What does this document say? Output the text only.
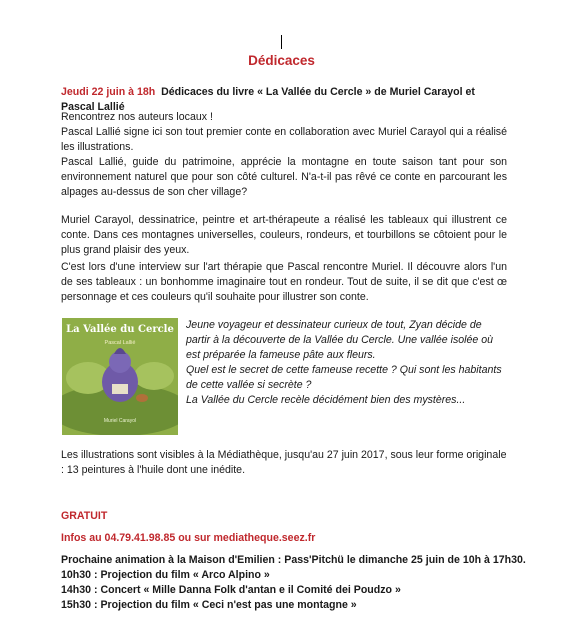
Dédicaces

Jeudi 22 juin à 18h Dédicaces du livre « La Vallée du Cercle » de Muriel Carayol et Pascal Lallié

Rencontrez nos auteurs locaux !

Pascal Lallié signe ici son tout premier conte en collaboration avec Muriel Carayol qui a réalisé les illustrations.

Pascal Lallié, guide du patrimoine, apprécie la montagne en toute saison tant pour son environnement naturel que pour son côté culturel. N'a-t-il pas rêvé ce conte en parcourant les alpages au-dessus de son cher village?

Muriel Carayol, dessinatrice, peintre et art-thérapeute a réalisé les tableaux qui illustrent ce conte. Dans ces montagnes universelles, couleurs, rondeurs, et tourbillons se côtoient pour le plus grand plaisir des yeux.

C'est lors d'une interview sur l'art thérapie que Pascal rencontre Muriel. Il découvre alors l'un de ses tableaux : un bonhomme imaginaire tout en rondeur. Tout de suite, il se dit que c'est œ personnage et ces couleurs qu'il souhaite pour illustrer son conte.

La Vallée du Cercle
Pascal Lallié
Muriel Carayol
Jeune voyageur et dessinateur curieux de tout, Zyan décide de partir à la découverte de la Vallée du Cercle. Une vallée isolée où est préparée la fameuse pâte aux fleurs.
Quel est le secret de cette fameuse recette ? Qui sont les habitants de cette vallée si secrète ?
La Vallée du Cercle recèle décidément bien des mystères...

Les illustrations sont visibles à la Médiathèque, jusqu'au 27 juin 2017, sous leur forme originale : 13 peintures à l'huile dont une inédite.

GRATUIT

Infos au 04.79.41.98.85 ou sur mediatheque.seez.fr

Prochaine animation à la Maison d'Emilien : Pass'Pitchü le dimanche 25 juin de 10h à 17h30.

10h30 : Projection du film « Arco Alpino »

14h30 : Concert « Mille Danna Folk d'antan e il Comité dei Poudzo »

15h30 : Projection du film « Ceci n'est pas une montagne »
